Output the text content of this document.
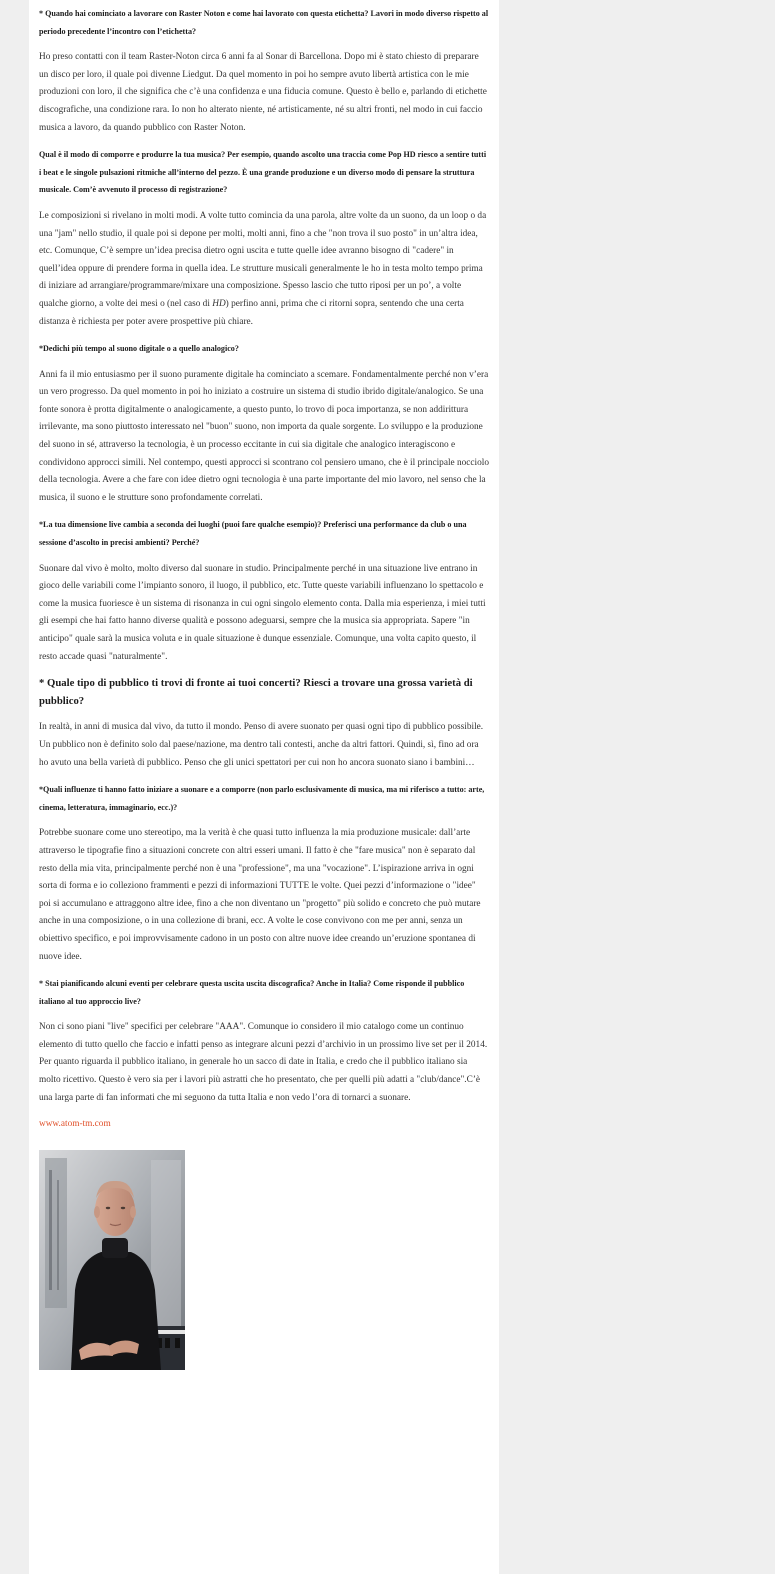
* Quando hai cominciato a lavorare con Raster Noton e come hai lavorato con questa etichetta? Lavori in modo diverso rispetto al periodo precedente l’incontro con l’etichetta?

Ho preso contatti con il team Raster-Noton circa 6 anni fa al Sonar di Barcellona. Dopo mi è stato chiesto di preparare un disco per loro, il quale poi divenne Liedgut. Da quel momento in poi ho sempre avuto libertà artistica con le mie produzioni con loro, il che significa che c’è una confidenza e una fiducia comune. Questo è bello e, parlando di etichette discografiche, una condizione rara. Io non ho alterato niente, né artisticamente, né su altri fronti, nel modo in cui faccio musica a lavoro, da quando pubblico con Raster Noton.

Qual è il modo di comporre e produrre la tua musica? Per esempio, quando ascolto una traccia come Pop HD riesco a sentire tutti i beat e le singole pulsazioni ritmiche all’interno del pezzo. È una grande produzione e un diverso modo di pensare la struttura musicale. Com’è avvenuto il processo di registrazione?

Le composizioni si rivelano in molti modi. A volte tutto comincia da una parola, altre volte da un suono, da un loop o da una "jam" nello studio, il quale poi si depone per molti, molti anni, fino a che "non trova il suo posto" in un’altra idea, etc. Comunque, C’è sempre un’idea precisa dietro ogni uscita e tutte quelle idee avranno bisogno di "cadere" in quell’idea oppure di prendere forma in quella idea. Le strutture musicali generalmente le ho in testa molto tempo prima di iniziare ad arrangiare/programmare/mixare una composizione. Spesso lascio che tutto riposi per un po’, a volte qualche giorno, a volte dei mesi o (nel caso di HD) perfino anni, prima che ci ritorni sopra, sentendo che una certa distanza è richiesta per poter avere prospettive più chiare.

*Dedichi più tempo al suono digitale o a quello analogico?

Anni fa il mio entusiasmo per il suono puramente digitale ha cominciato a scemare. Fondamentalmente perché non v’era un vero progresso. Da quel momento in poi ho iniziato a costruire un sistema di studio ibrido digitale/analogico. Se una fonte sonora è protta digitalmente o analogicamente, a questo punto, lo trovo di poca importanza, se non addirittura irrilevante, ma sono piuttosto interessato nel "buon" suono, non importa da quale sorgente. Lo sviluppo e la produzione del suono in sé, attraverso la tecnologia, è un processo eccitante in cui sia digitale che analogico interagiscono e condividono approcci simili. Nel contempo, questi approcci si scontrano col pensiero umano, che è il principale nocciolo della tecnologia. Avere a che fare con idee dietro ogni tecnologia è una parte importante del mio lavoro, nel senso che la musica, il suono e le strutture sono profondamente correlati.

*La tua dimensione live cambia a seconda dei luoghi (puoi fare qualche esempio)? Preferisci una performance da club o una sessione d’ascolto in precisi ambienti? Perché?

Suonare dal vivo è molto, molto diverso dal suonare in studio. Principalmente perché in una situazione live entrano in gioco delle variabili come l’impianto sonoro, il luogo, il pubblico, etc. Tutte queste variabili influenzano lo spettacolo e come la musica fuoriesce è un sistema di risonanza in cui ogni singolo elemento conta. Dalla mia esperienza, i miei tutti gli esempi che hai fatto hanno diverse qualità e possono adeguarsi, sempre che la musica sia appropriata. Sapere "in anticipo" quale sarà la musica voluta e in quale situazione è dunque essenziale. Comunque, una volta capito questo, il resto accade quasi "naturalmente".

* Quale tipo di pubblico ti trovi di fronte ai tuoi concerti? Riesci a trovare una grossa varietà di pubblico?

In realtà, in anni di musica dal vivo, da tutto il mondo. Penso di avere suonato per quasi ogni tipo di pubblico possibile. Un pubblico non è definito solo dal paese/nazione, ma dentro tali contesti, anche da altri fattori. Quindi, sì, fino ad ora ho avuto una bella varietà di pubblico. Penso che gli unici spettatori per cui non ho ancora suonato siano i bambini…

*Quali influenze ti hanno fatto iniziare a suonare e a comporre (non parlo esclusivamente di musica, ma mi riferisco a tutto: arte, cinema, letteratura, immaginario, ecc.)?

Potrebbe suonare come uno stereotipo, ma la verità è che quasi tutto influenza la mia produzione musicale: dall’arte attraverso le tipografie fino a situazioni concrete con altri esseri umani. Il fatto è che "fare musica" non è separato dal resto della mia vita, principalmente perché non è una "professione", ma una "vocazione". L’ispirazione arriva in ogni sorta di forma e io colleziono frammenti e pezzi di informazioni TUTTE le volte. Quei pezzi d’informazione o "idee" poi si accumulano e attraggono altre idee, fino a che non diventano un "progetto" più solido e concreto che può mutare anche in una composizione, o in una collezione di brani, ecc. A volte le cose convivono con me per anni, senza un obiettivo specifico, e poi improvvisamente cadono in un posto con altre nuove idee creando un’eruzione spontanea di nuove idee.

* Stai pianificando alcuni eventi per celebrare questa uscita uscita discografica? Anche in Italia? Come risponde il pubblico italiano al tuo approccio live?

Non ci sono piani "live" specifici per celebrare "AAA". Comunque io considero il mio catalogo come un continuo elemento di tutto quello che faccio e infatti penso as integrare alcuni pezzi d’archivio in un prossimo live set per il 2014. Per quanto riguarda il pubblico italiano, in generale ho un sacco di date in Italia, e credo che il pubblico italiano sia molto ricettivo. Questo è vero sia per i lavori più astratti che ho presentato, che per quelli più adatti a "club/dance".C’è una larga parte di fan informati che mi seguono da tutta Italia e non vedo l’ora di tornarci a suonare.

www.atom-tm.com
